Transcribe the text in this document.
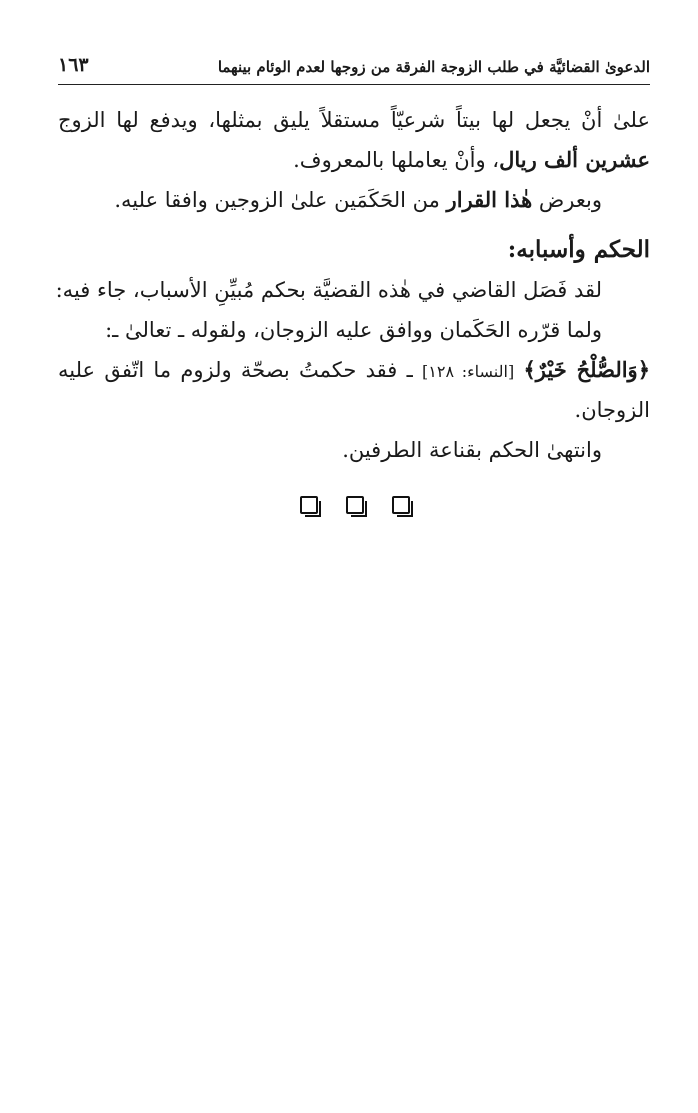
الدعوىٰ القضائيَّة في طلب الزوجة الفرقة من زوجها لعدم الوئام بينهما
١٦٣
علىٰ أنْ يجعل لها بيتاً شرعيّاً مستقلاً يليق بمثلها، ويدفع لها الزوج
عشرين ألف ريال، وأنْ يعاملها بالمعروف.
وبعرض هٰذا القرار من الحَكَمَين علىٰ الزوجين وافقا عليه.
الحكم وأسبابه:
لقد فَصَل القاضي في هٰذه القضيَّة بحكم مُبيِّنِ الأسباب، جاء فيه:
ولما قرّره الحَكَمان ووافق عليه الزوجان، ولقوله ـ تعالىٰ ـ:
﴿وَالصُّلْحُ خَيْرٌ﴾ [النساء: ١٢٨] ـ فقد حكمتُ بصحّة ولزوم ما اتّفق عليه
الزوجان.
وانتهىٰ الحكم بقناعة الطرفين.
